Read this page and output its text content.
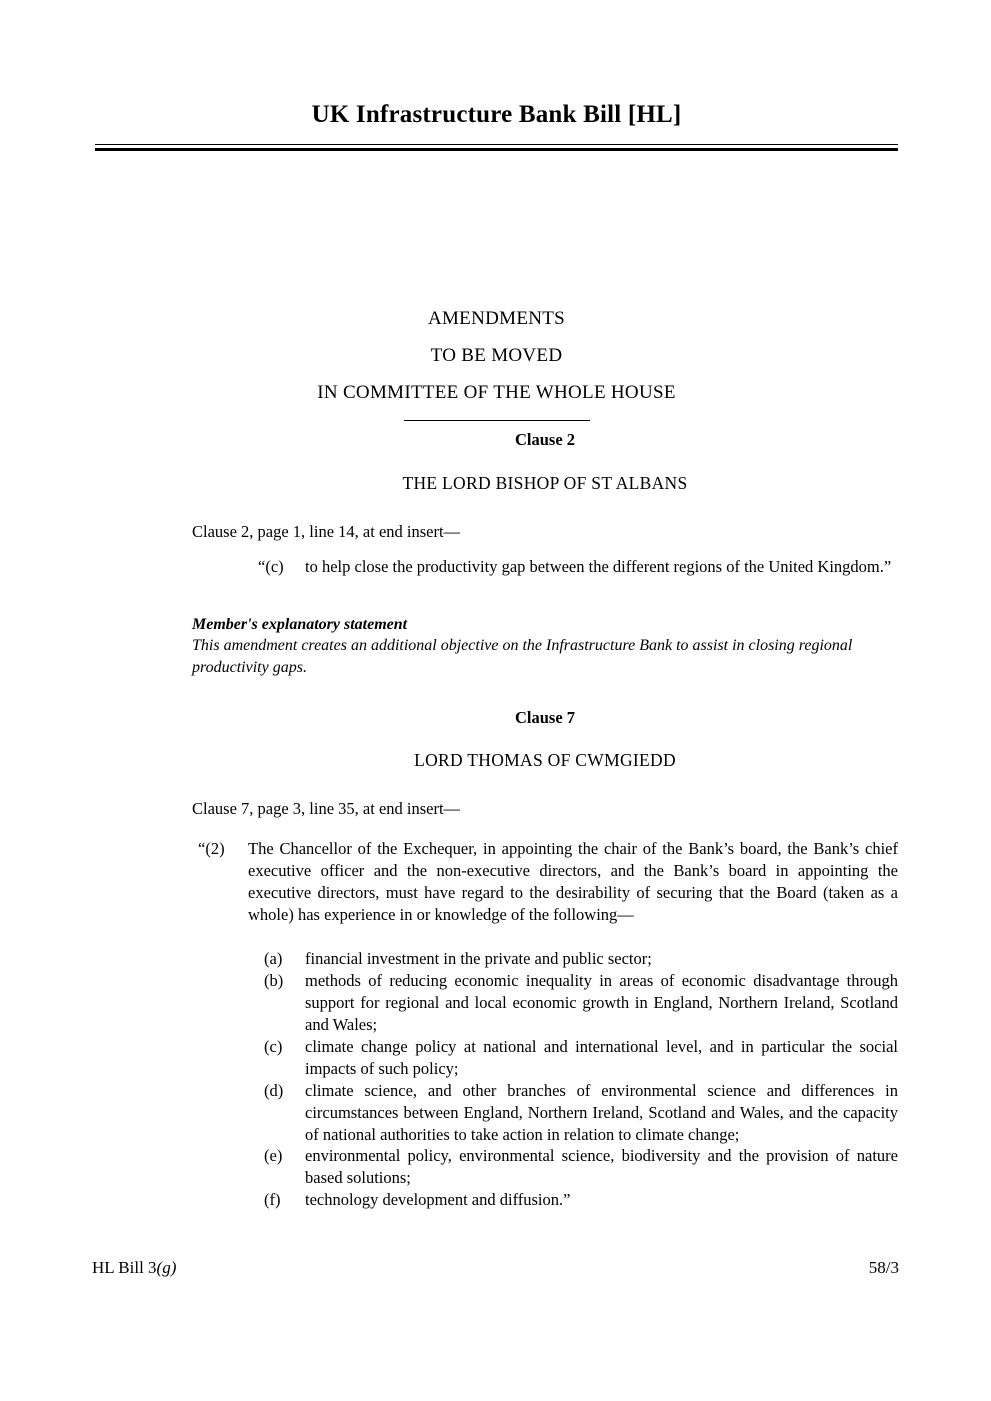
UK Infrastructure Bank Bill [HL]
AMENDMENTS
TO BE MOVED
IN COMMITTEE OF THE WHOLE HOUSE
Clause 2
THE LORD BISHOP OF ST ALBANS
Clause 2, page 1, line 14, at end insert—
“(c)	to help close the productivity gap between the different regions of the United Kingdom.”
Member's explanatory statement
This amendment creates an additional objective on the Infrastructure Bank to assist in closing regional productivity gaps.
Clause 7
LORD THOMAS OF CWMGIEDD
Clause 7, page 3, line 35, at end insert—
“(2)	The Chancellor of the Exchequer, in appointing the chair of the Bank’s board, the Bank’s chief executive officer and the non-executive directors, and the Bank’s board in appointing the executive directors, must have regard to the desirability of securing that the Board (taken as a whole) has experience in or knowledge of the following—
(a)	financial investment in the private and public sector;
(b)	methods of reducing economic inequality in areas of economic disadvantage through support for regional and local economic growth in England, Northern Ireland, Scotland and Wales;
(c)	climate change policy at national and international level, and in particular the social impacts of such policy;
(d)	climate science, and other branches of environmental science and differences in circumstances between England, Northern Ireland, Scotland and Wales, and the capacity of national authorities to take action in relation to climate change;
(e)	environmental policy, environmental science, biodiversity and the provision of nature based solutions;
(f)	technology development and diffusion.”
HL Bill 3(g)	58/3
